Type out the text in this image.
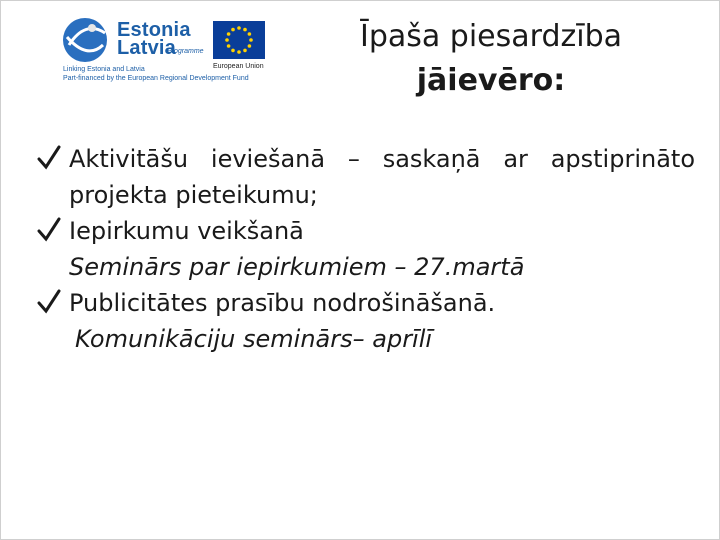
Estonia
Latvia
Programme
European Union
Linking Estonia and Latvia
Part-financed by the European Regional Development Fund
Īpaša piesardzība
jāievēro:
Aktivitāšu ieviešanā – saskaņā ar apstiprināto
projekta pieteikumu;
Iepirkumu veikšanā
Seminārs par iepirkumiem – 27.martā
Publicitātes prasību nodrošināšanā.
Komunikāciju seminārs– aprīlī
